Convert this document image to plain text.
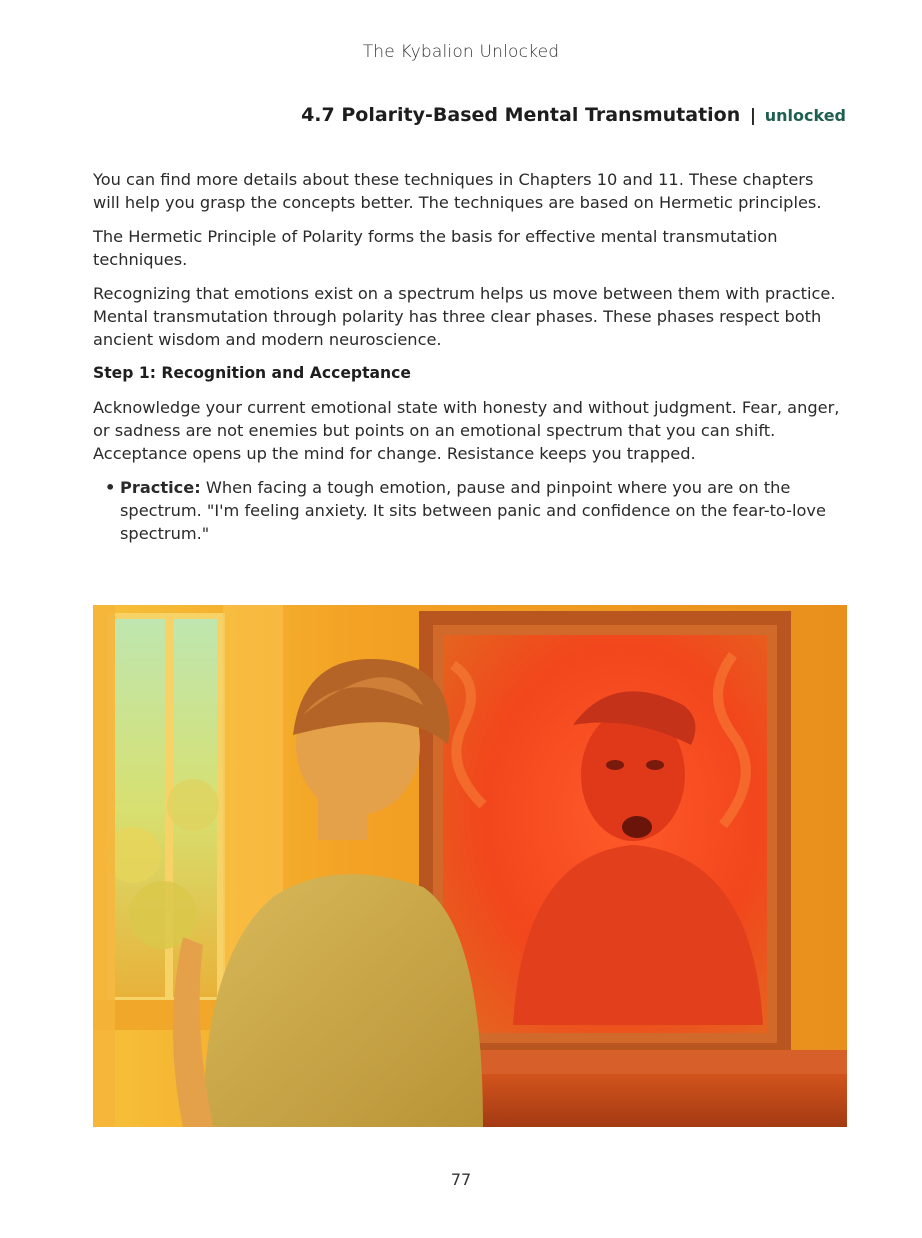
The Kybalion Unlocked
4.7 Polarity-Based Mental Transmutation | unlocked

You can find more details about these techniques in Chapters 10 and 11. These chapters will help you grasp the concepts better. The techniques are based on Hermetic principles.

The Hermetic Principle of Polarity forms the basis for effective mental transmutation techniques.

Recognizing that emotions exist on a spectrum helps us move between them with practice. Mental transmutation through polarity has three clear phases. These phases respect both ancient wisdom and modern neuroscience.

Step 1: Recognition and Acceptance

Acknowledge your current emotional state with honesty and without judgment. Fear, anger, or sadness are not enemies but points on an emotional spectrum that you can shift. Acceptance opens up the mind for change. Resistance keeps you trapped.

• Practice: When facing a tough emotion, pause and pinpoint where you are on the spectrum. "I'm feeling anxiety. It sits between panic and confidence on the fear-to-love spectrum."
77
